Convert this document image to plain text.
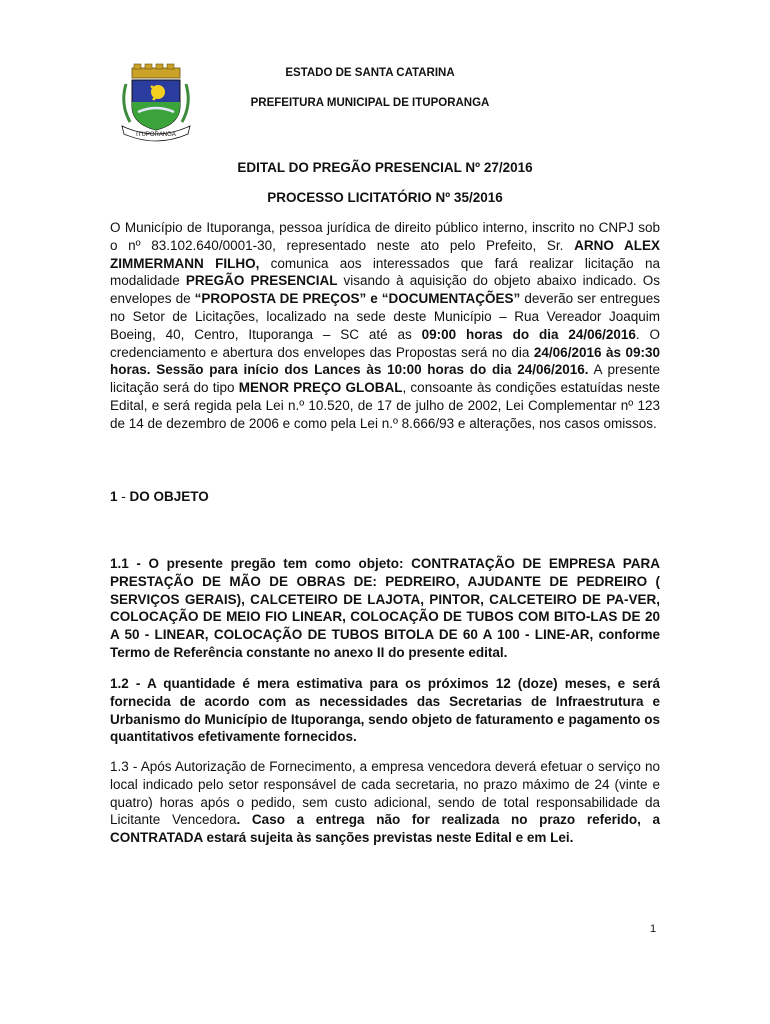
ITUPORANGA
ESTADO DE SANTA CATARINA
PREFEITURA MUNICIPAL DE ITUPORANGA
EDITAL DO PREGÃO PRESENCIAL Nº 27/2016
PROCESSO LICITATÓRIO Nº 35/2016

O Município de Ituporanga, pessoa jurídica de direito público interno, inscrito no CNPJ sob o nº 83.102.640/0001-30, representado neste ato pelo Prefeito, Sr. ARNO ALEX ZIMMERMANN FILHO, comunica aos interessados que fará realizar licitação na modalidade PREGÃO PRESENCIAL visando à aquisição do objeto abaixo indicado. Os envelopes de “PROPOSTA DE PREÇOS” e “DOCUMENTAÇÕES” deverão ser entregues no Setor de Licitações, localizado na sede deste Município – Rua Vereador Joaquim Boeing, 40, Centro, Ituporanga – SC até as 09:00 horas do dia 24/06/2016. O credenciamento e abertura dos envelopes das Propostas será no dia 24/06/2016 às 09:30 horas. Sessão para início dos Lances às 10:00 horas do dia 24/06/2016. A presente licitação será do tipo MENOR PREÇO GLOBAL, consoante às condições estatuídas neste Edital, e será regida pela Lei n.º 10.520, de 17 de julho de 2002, Lei Complementar nº 123 de 14 de dezembro de 2006 e como pela Lei n.º 8.666/93 e alterações, nos casos omissos.

1 - DO OBJETO

1.1 - O presente pregão tem como objeto: CONTRATAÇÃO DE EMPRESA PARA PRESTAÇÃO DE MÃO DE OBRAS DE: PEDREIRO, AJUDANTE DE PEDREIRO ( SERVIÇOS GERAIS), CALCETEIRO DE LAJOTA, PINTOR, CALCETEIRO DE PA-VER, COLOCAÇÃO DE MEIO FIO LINEAR, COLOCAÇÃO DE TUBOS COM BITO-LAS DE 20 A 50 - LINEAR, COLOCAÇÃO DE TUBOS BITOLA DE 60 A 100 - LINE-AR, conforme Termo de Referência constante no anexo II do presente edital.

1.2 - A quantidade é mera estimativa para os próximos 12 (doze) meses, e será fornecida de acordo com as necessidades das Secretarias de Infraestrutura e Urbanismo do Município de Ituporanga, sendo objeto de faturamento e pagamento os quantitativos efetivamente fornecidos.

1.3 - Após Autorização de Fornecimento, a empresa vencedora deverá efetuar o serviço no local indicado pelo setor responsável de cada secretaria, no prazo máximo de 24 (vinte e quatro) horas após o pedido, sem custo adicional, sendo de total responsabilidade da Licitante Vencedora. Caso a entrega não for realizada no prazo referido, a CONTRATADA estará sujeita às sanções previstas neste Edital e em Lei.

1
